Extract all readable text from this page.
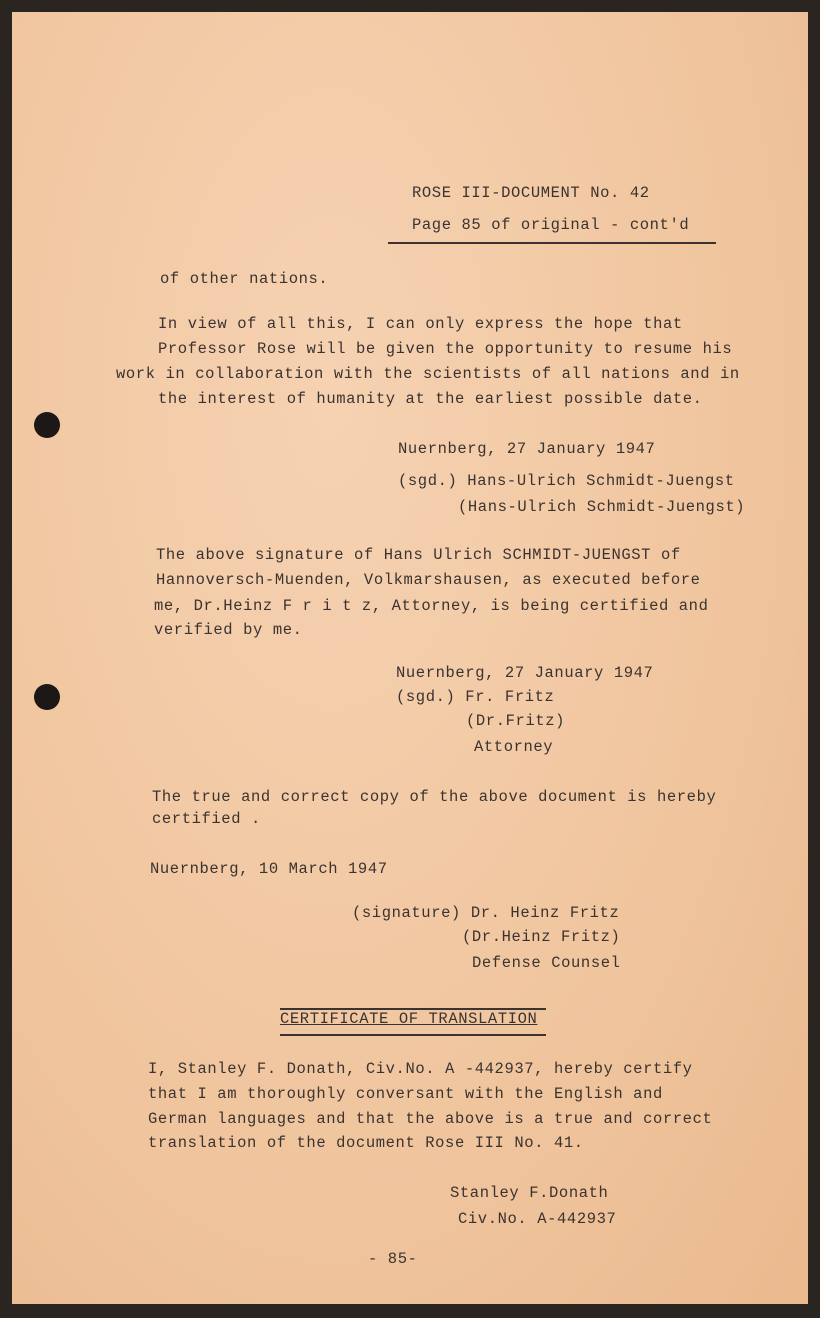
ROSE III-DOCUMENT No. 42
Page 85 of original - cont'd
of other nations.
In view of all this, I can only express the hope that
Professor Rose will be given the opportunity to resume his
work in collaboration with the scientists of all nations and in
the interest of humanity at the earliest possible date.
Nuernberg, 27 January 1947
(sgd.) Hans-Ulrich Schmidt-Juengst
(Hans-Ulrich Schmidt-Juengst)
The above signature of Hans Ulrich SCHMIDT-JUENGST of
Hannoversch-Muenden, Volkmarshausen, as executed before
me, Dr.Heinz F r i t z, Attorney, is being certified and
verified by me.
Nuernberg, 27 January 1947
(sgd.) Fr. Fritz
(Dr.Fritz)
Attorney
The true and correct copy of the above document is hereby
certified .
Nuernberg, 10 March 1947
(signature) Dr. Heinz Fritz
(Dr.Heinz Fritz)
Defense Counsel
CERTIFICATE OF TRANSLATION
I, Stanley F. Donath, Civ.No. A -442937, hereby certify
that I am thoroughly conversant with the English and
German languages and that the above is a true and correct
translation of the document Rose III No. 41.
Stanley F.Donath
Civ.No. A-442937
- 85-
